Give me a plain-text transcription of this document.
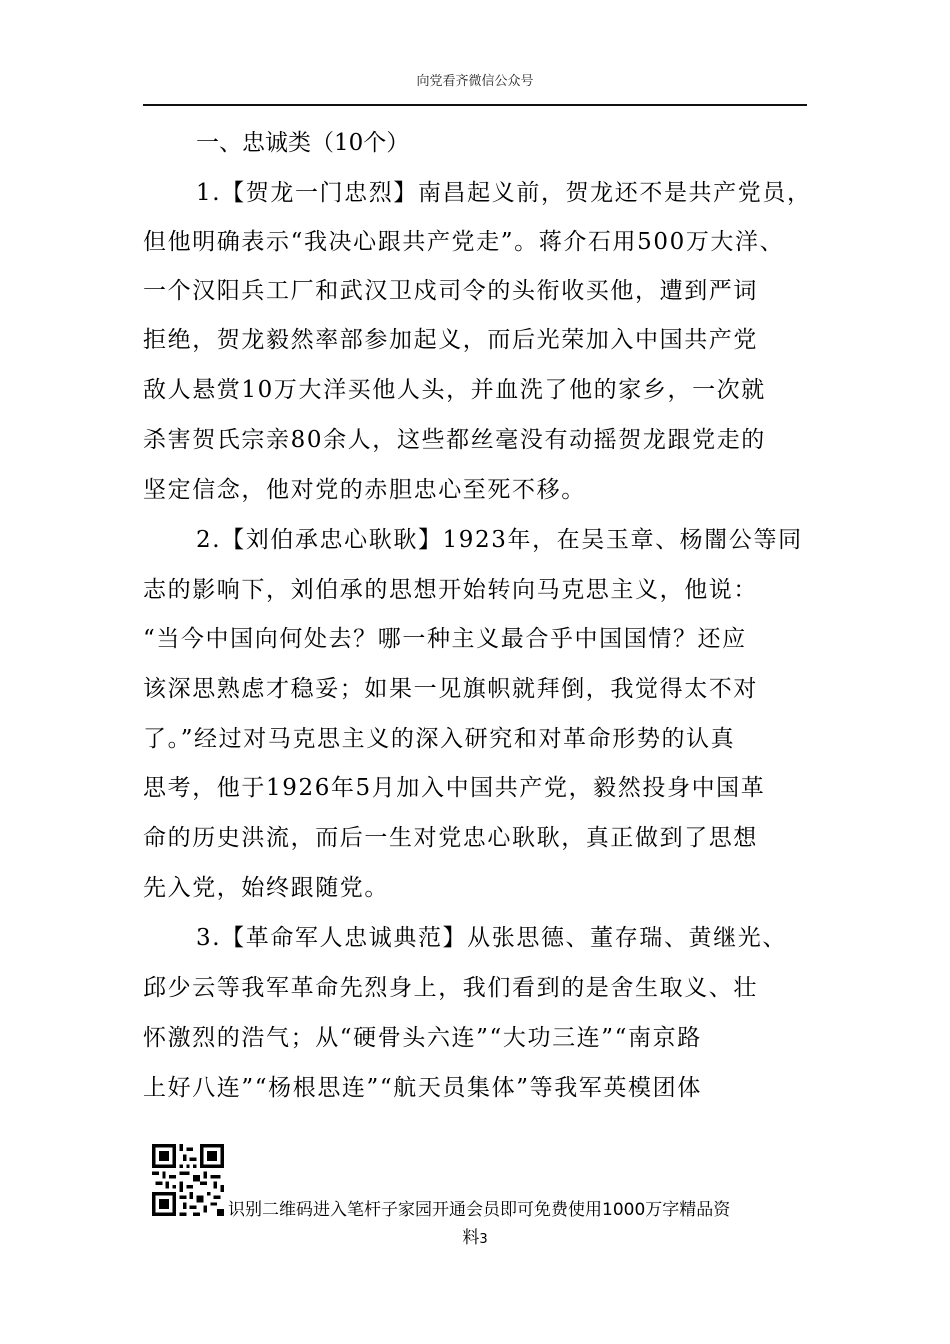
向党看齐微信公众号
一、忠诚类（10个）
1.【贺龙一门忠烈】南昌起义前，贺龙还不是共产党员，
但他明确表示“我决心跟共产党走”。蒋介石用500万大洋、
一个汉阳兵工厂和武汉卫戍司令的头衔收买他，遭到严词
拒绝，贺龙毅然率部参加起义，而后光荣加入中国共产党
敌人悬赏10万大洋买他人头，并血洗了他的家乡，一次就
杀害贺氏宗亲80余人，这些都丝毫没有动摇贺龙跟党走的
坚定信念，他对党的赤胆忠心至死不移。
2.【刘伯承忠心耿耿】1923年，在吴玉章、杨闇公等同
志的影响下，刘伯承的思想开始转向马克思主义，他说：
“当今中国向何处去？哪一种主义最合乎中国国情？还应
该深思熟虑才稳妥；如果一见旗帜就拜倒，我觉得太不对
了。”经过对马克思主义的深入研究和对革命形势的认真
思考，他于1926年5月加入中国共产党，毅然投身中国革
命的历史洪流，而后一生对党忠心耿耿，真正做到了思想
先入党，始终跟随党。
3.【革命军人忠诚典范】从张思德、董存瑞、黄继光、
邱少云等我军革命先烈身上，我们看到的是舍生取义、壮
怀激烈的浩气；从“硬骨头六连”“大功三连”“南京路
上好八连”“杨根思连”“航天员集体”等我军英模团体
识别二维码进入笔杆子家园开通会员即可免费使用1000万字精品资
料3
